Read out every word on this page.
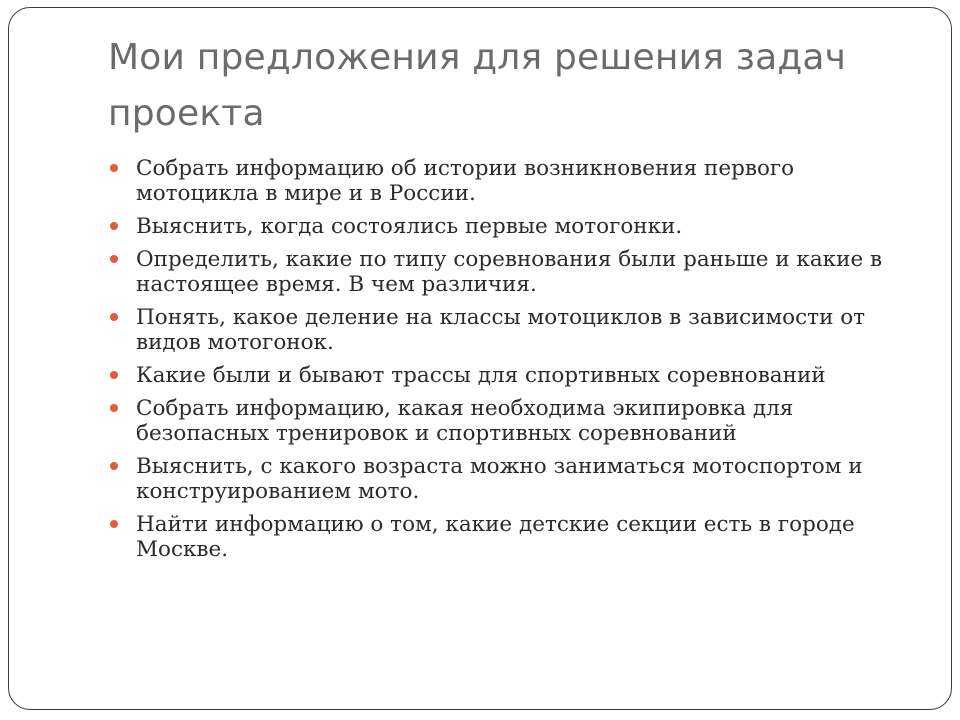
Мои предложения для решения задач проекта
Собрать информацию об истории возникновения первого мотоцикла в мире и в России.
Выяснить, когда состоялись первые мотогонки.
Определить, какие по типу соревнования были раньше и какие в настоящее время. В чем различия.
Понять, какое деление на классы мотоциклов в зависимости от видов мотогонок.
Какие были и бывают трассы для спортивных соревнований
Собрать информацию, какая необходима экипировка для безопасных тренировок и спортивных соревнований
Выяснить, с какого возраста можно заниматься мотоспортом и конструированием мото.
Найти информацию о том, какие детские секции есть в городе Москве.
